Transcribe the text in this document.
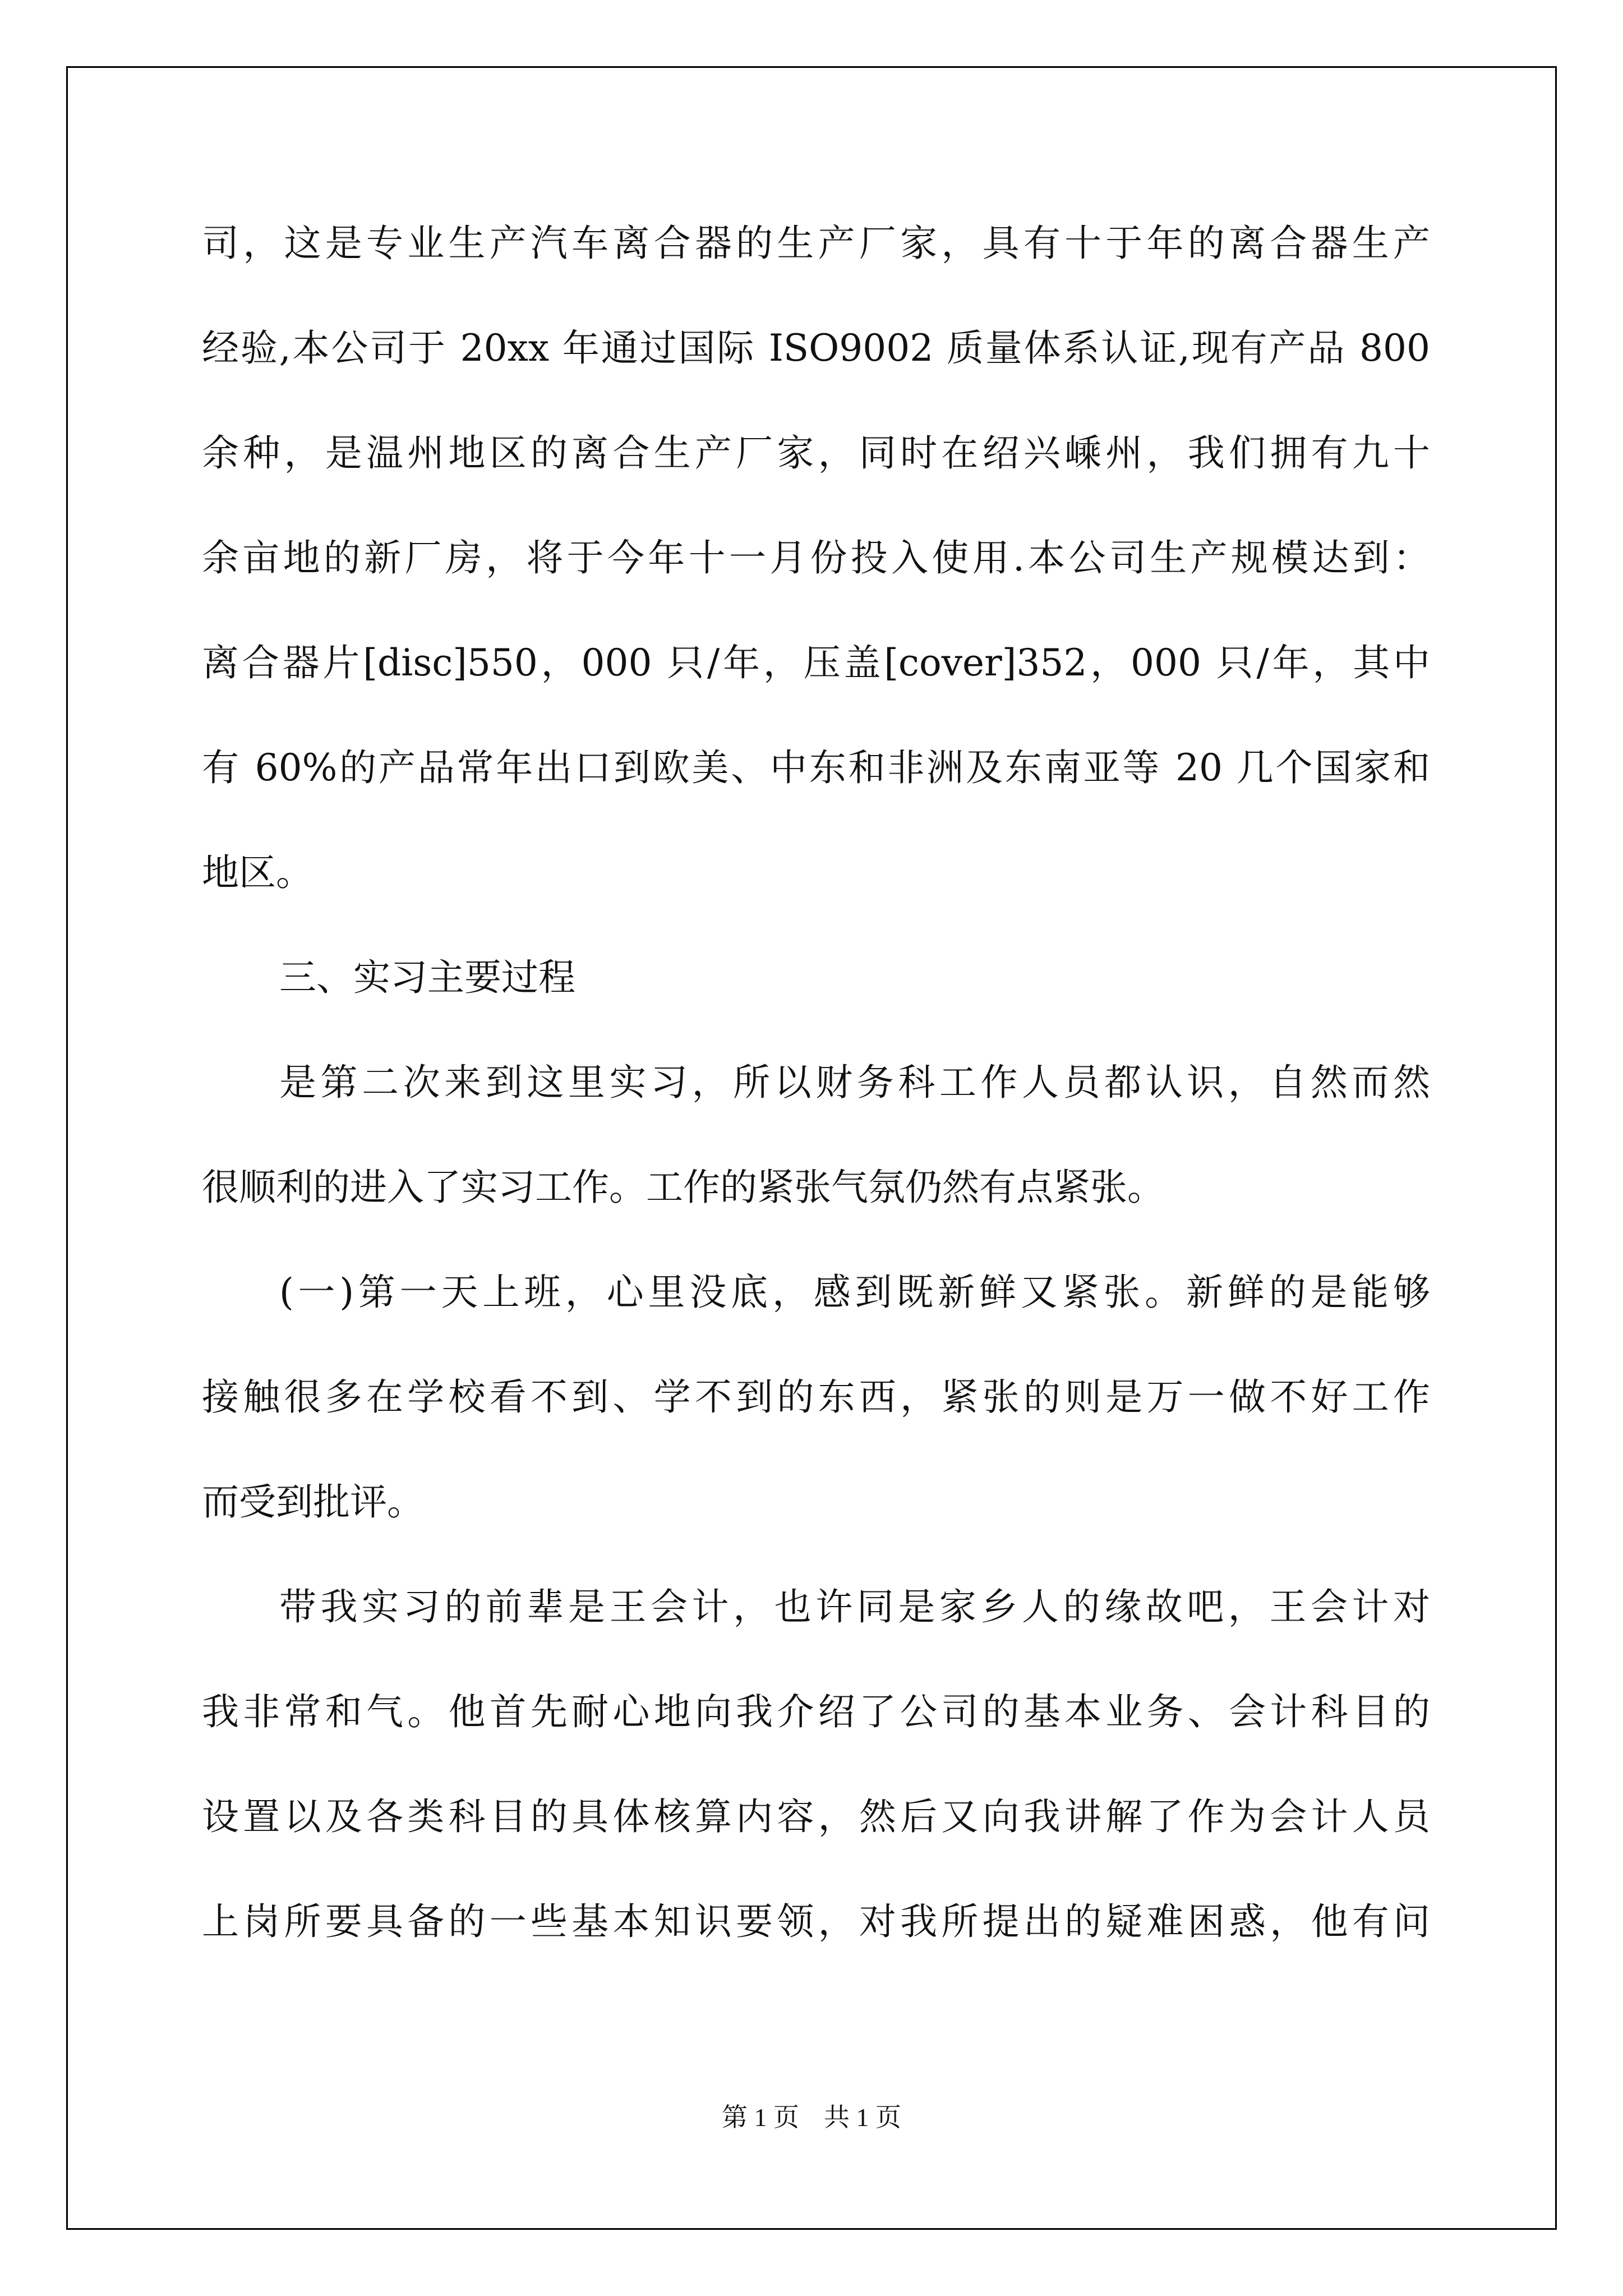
司，这是专业生产汽车离合器的生产厂家，具有十于年的离合器生产
经验,本公司于 20xx 年通过国际 ISO9002 质量体系认证,现有产品 800
余种，是温州地区的离合生产厂家，同时在绍兴嵊州，我们拥有九十
余亩地的新厂房，将于今年十一月份投入使用.本公司生产规模达到：
离合器片[disc]550，000 只/年，压盖[cover]352，000 只/年，其中
有 60%的产品常年出口到欧美、中东和非洲及东南亚等 20 几个国家和
地区。
三、实习主要过程
是第二次来到这里实习，所以财务科工作人员都认识，自然而然
很顺利的进入了实习工作。工作的紧张气氛仍然有点紧张。
(一)第一天上班，心里没底，感到既新鲜又紧张。新鲜的是能够
接触很多在学校看不到、学不到的东西，紧张的则是万一做不好工作
而受到批评。
带我实习的前辈是王会计，也许同是家乡人的缘故吧，王会计对
我非常和气。他首先耐心地向我介绍了公司的基本业务、会计科目的
设置以及各类科目的具体核算内容，然后又向我讲解了作为会计人员
上岗所要具备的一些基本知识要领，对我所提出的疑难困惑，他有问
第 1 页 共 1 页
